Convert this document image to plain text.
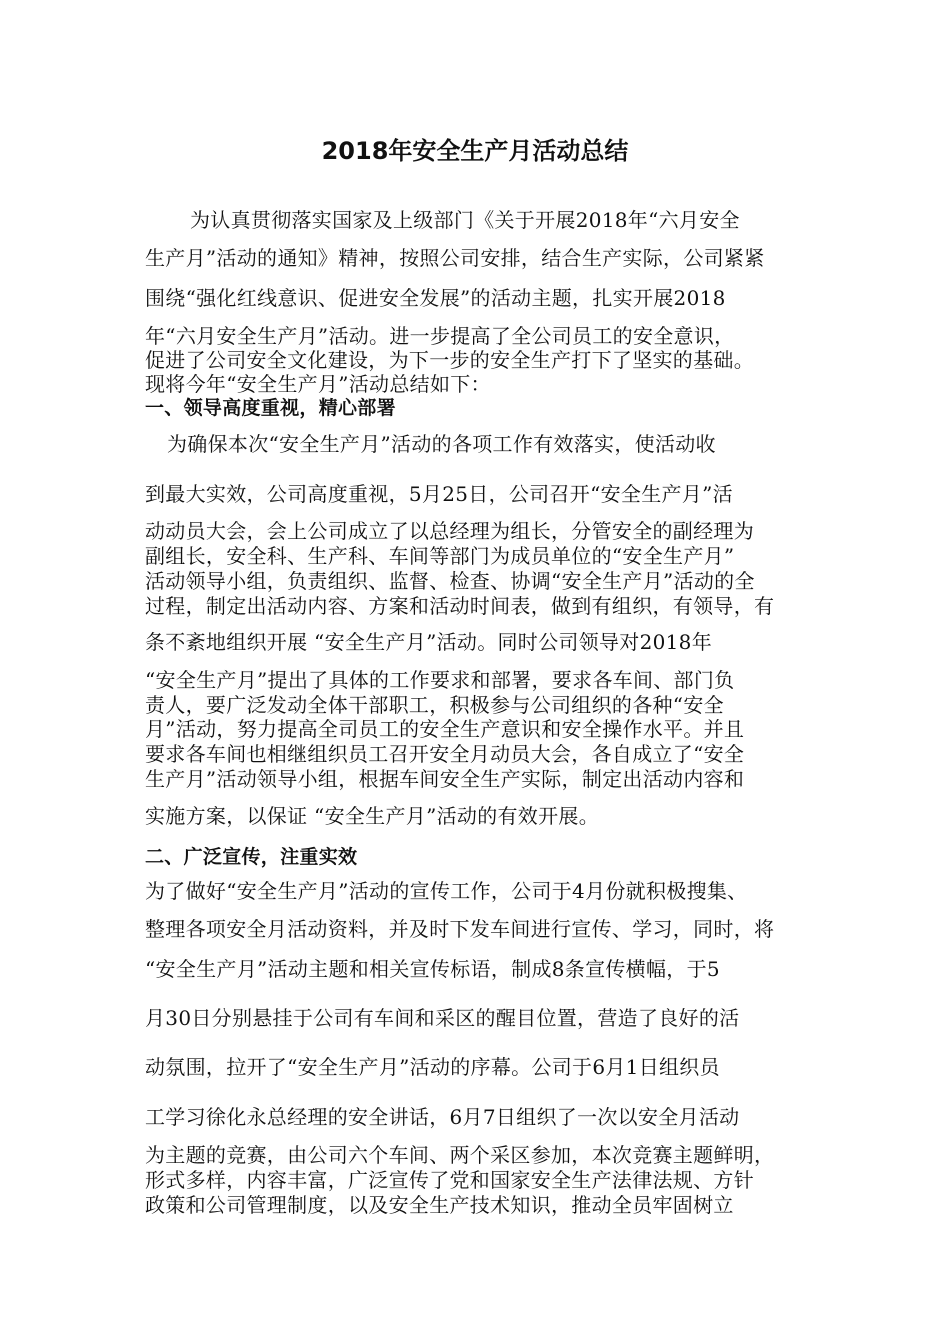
2018年安全生产月活动总结
为认真贯彻落实国家及上级部门《关于开展2018年“六月安全
生产月”活动的通知》精神，按照公司安排，结合生产实际，公司紧紧
围绕“强化红线意识、促进安全发展”的活动主题，扎实开展2018
年“六月安全生产月”活动。进一步提高了全公司员工的安全意识，
促进了公司安全文化建设，为下一步的安全生产打下了坚实的基础。
现将今年“安全生产月”活动总结如下：
一、领导高度重视，精心部署
为确保本次“安全生产月”活动的各项工作有效落实，使活动收
到最大实效，公司高度重视，5月25日，公司召开“安全生产月”活
动动员大会，会上公司成立了以总经理为组长，分管安全的副经理为
副组长，安全科、生产科、车间等部门为成员单位的“安全生产月”
活动领导小组，负责组织、监督、检查、协调“安全生产月”活动的全
过程，制定出活动内容、方案和活动时间表，做到有组织，有领导，有
条不紊地组织开展 “安全生产月”活动。同时公司领导对2018年
“安全生产月”提出了具体的工作要求和部署，要求各车间、部门负
责人，要广泛发动全体干部职工，积极参与公司组织的各种“安全
月”活动，努力提高全司员工的安全生产意识和安全操作水平。并且
要求各车间也相继组织员工召开安全月动员大会，各自成立了“安全
生产月”活动领导小组，根据车间安全生产实际，制定出活动内容和
实施方案，以保证 “安全生产月”活动的有效开展。
二、广泛宣传，注重实效
为了做好“安全生产月”活动的宣传工作，公司于4月份就积极搜集、
整理各项安全月活动资料，并及时下发车间进行宣传、学习，同时，将
“安全生产月”活动主题和相关宣传标语，制成8条宣传横幅，于5
月30日分别悬挂于公司有车间和采区的醒目位置，营造了良好的活
动氛围，拉开了“安全生产月”活动的序幕。公司于6月1日组织员
工学习徐化永总经理的安全讲话，6月7日组织了一次以安全月活动
为主题的竞赛，由公司六个车间、两个采区参加，本次竞赛主题鲜明，
形式多样，内容丰富，广泛宣传了党和国家安全生产法律法规、方针
政策和公司管理制度，以及安全生产技术知识，推动全员牢固树立
